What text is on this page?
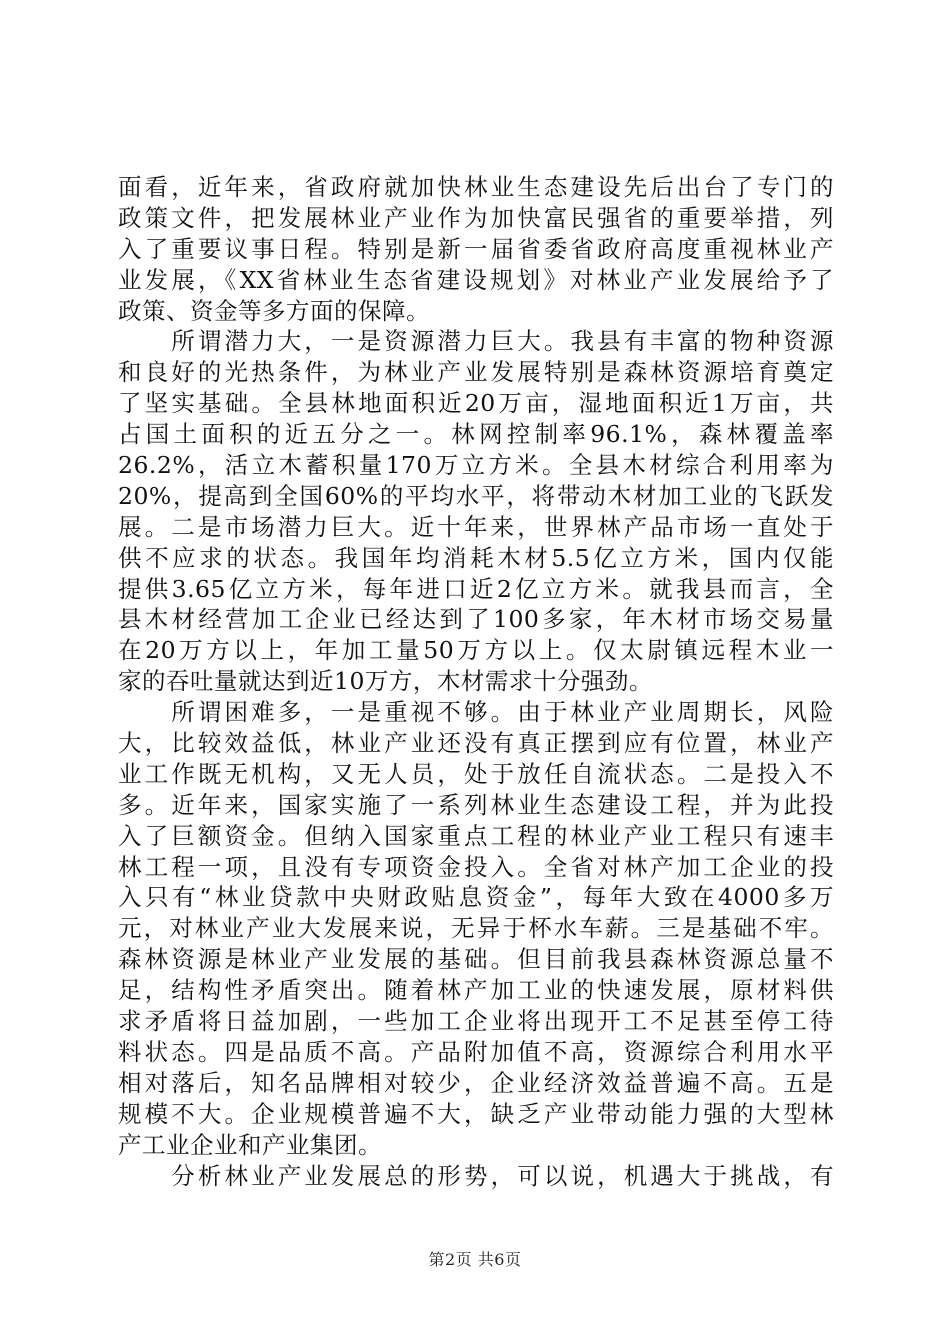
面看，近年来，省政府就加快林业生态建设先后出台了专门的
政策文件，把发展林业产业作为加快富民强省的重要举措，列
入了重要议事日程。特别是新一届省委省政府高度重视林业产
业发展，《XX省林业生态省建设规划》对林业产业发展给予了
政策、资金等多方面的保障。
　　所谓潜力大，一是资源潜力巨大。我县有丰富的物种资源
和良好的光热条件，为林业产业发展特别是森林资源培育奠定
了坚实基础。全县林地面积近20万亩，湿地面积近1万亩，共
占国土面积的近五分之一。林网控制率96.1%，森林覆盖率
26.2%，活立木蓄积量170万立方米。全县木材综合利用率为
20%，提高到全国60%的平均水平，将带动木材加工业的飞跃发
展。二是市场潜力巨大。近十年来，世界林产品市场一直处于
供不应求的状态。我国年均消耗木材5.5亿立方米，国内仅能
提供3.65亿立方米，每年进口近2亿立方米。就我县而言，全
县木材经营加工企业已经达到了100多家，年木材市场交易量
在20万方以上，年加工量50万方以上。仅太尉镇远程木业一
家的吞吐量就达到近10万方，木材需求十分强劲。
　　所谓困难多，一是重视不够。由于林业产业周期长，风险
大，比较效益低，林业产业还没有真正摆到应有位置，林业产
业工作既无机构，又无人员，处于放任自流状态。二是投入不
多。近年来，国家实施了一系列林业生态建设工程，并为此投
入了巨额资金。但纳入国家重点工程的林业产业工程只有速丰
林工程一项，且没有专项资金投入。全省对林产加工企业的投
入只有“林业贷款中央财政贴息资金”，每年大致在4000多万
元，对林业产业大发展来说，无异于杯水车薪。三是基础不牢。
森林资源是林业产业发展的基础。但目前我县森林资源总量不
足，结构性矛盾突出。随着林产加工业的快速发展，原材料供
求矛盾将日益加剧，一些加工企业将出现开工不足甚至停工待
料状态。四是品质不高。产品附加值不高，资源综合利用水平
相对落后，知名品牌相对较少，企业经济效益普遍不高。五是
规模不大。企业规模普遍不大，缺乏产业带动能力强的大型林
产工业企业和产业集团。
　　分析林业产业发展总的形势，可以说，机遇大于挑战，有
第2页 共6页
